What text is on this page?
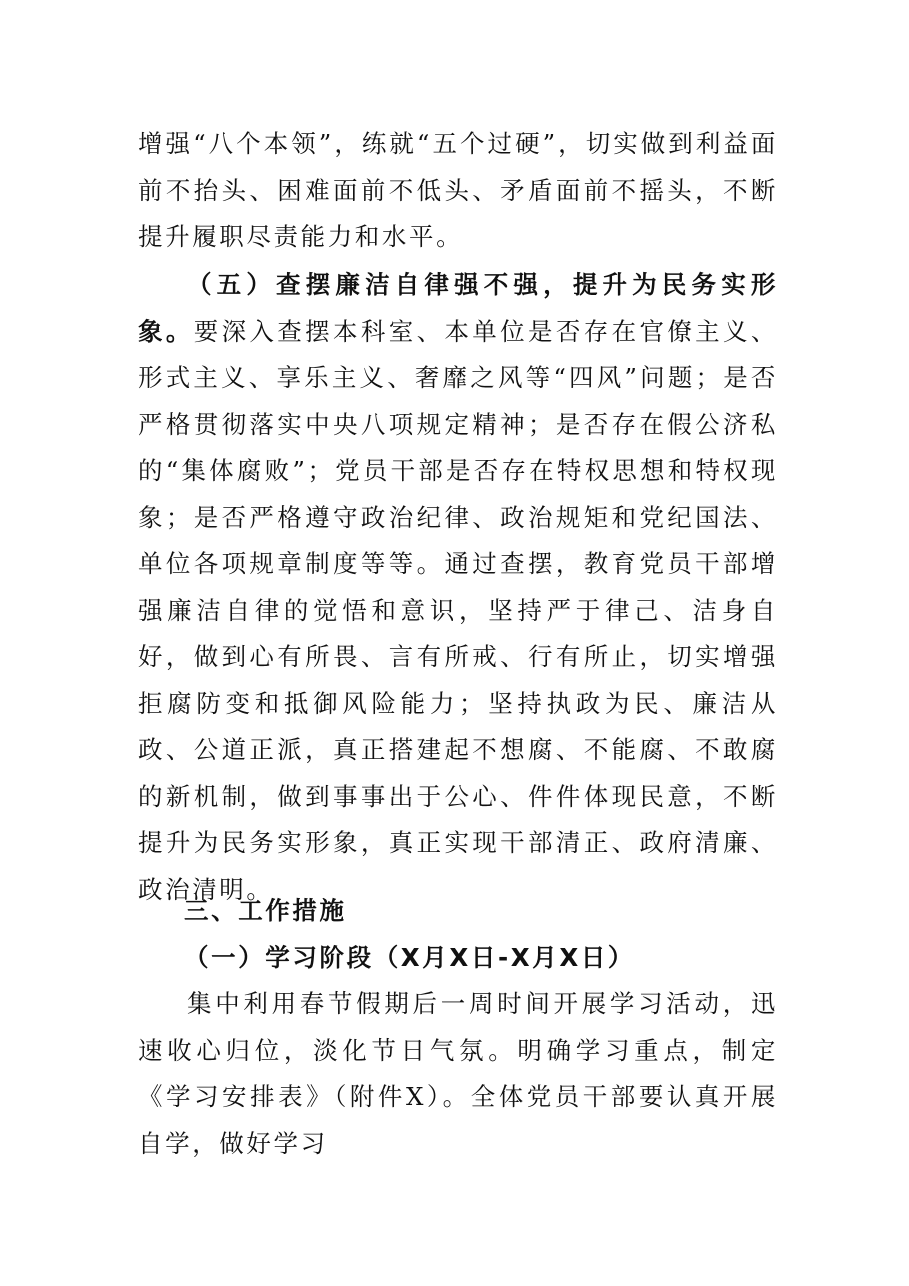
增强“八个本领”，练就“五个过硬”，切实做到利益面前不抬头、困难面前不低头、矛盾面前不摇头，不断提升履职尽责能力和水平。

（五）查摆廉洁自律强不强，提升为民务实形象。要深入查摆本科室、本单位是否存在官僚主义、形式主义、享乐主义、奢靡之风等“四风”问题；是否严格贯彻落实中央八项规定精神；是否存在假公济私的“集体腐败”；党员干部是否存在特权思想和特权现象；是否严格遵守政治纪律、政治规矩和党纪国法、单位各项规章制度等等。通过查摆，教育党员干部增强廉洁自律的觉悟和意识，坚持严于律己、洁身自好，做到心有所畏、言有所戒、行有所止，切实增强拒腐防变和抵御风险能力；坚持执政为民、廉洁从政、公道正派，真正搭建起不想腐、不能腐、不敢腐的新机制，做到事事出于公心、件件体现民意，不断提升为民务实形象，真正实现干部清正、政府清廉、政治清明。

三、工作措施

（一）学习阶段（X月X日-X月X日）

集中利用春节假期后一周时间开展学习活动，迅速收心归位，淡化节日气氛。明确学习重点，制定《学习安排表》（附件X）。全体党员干部要认真开展自学，做好学习
